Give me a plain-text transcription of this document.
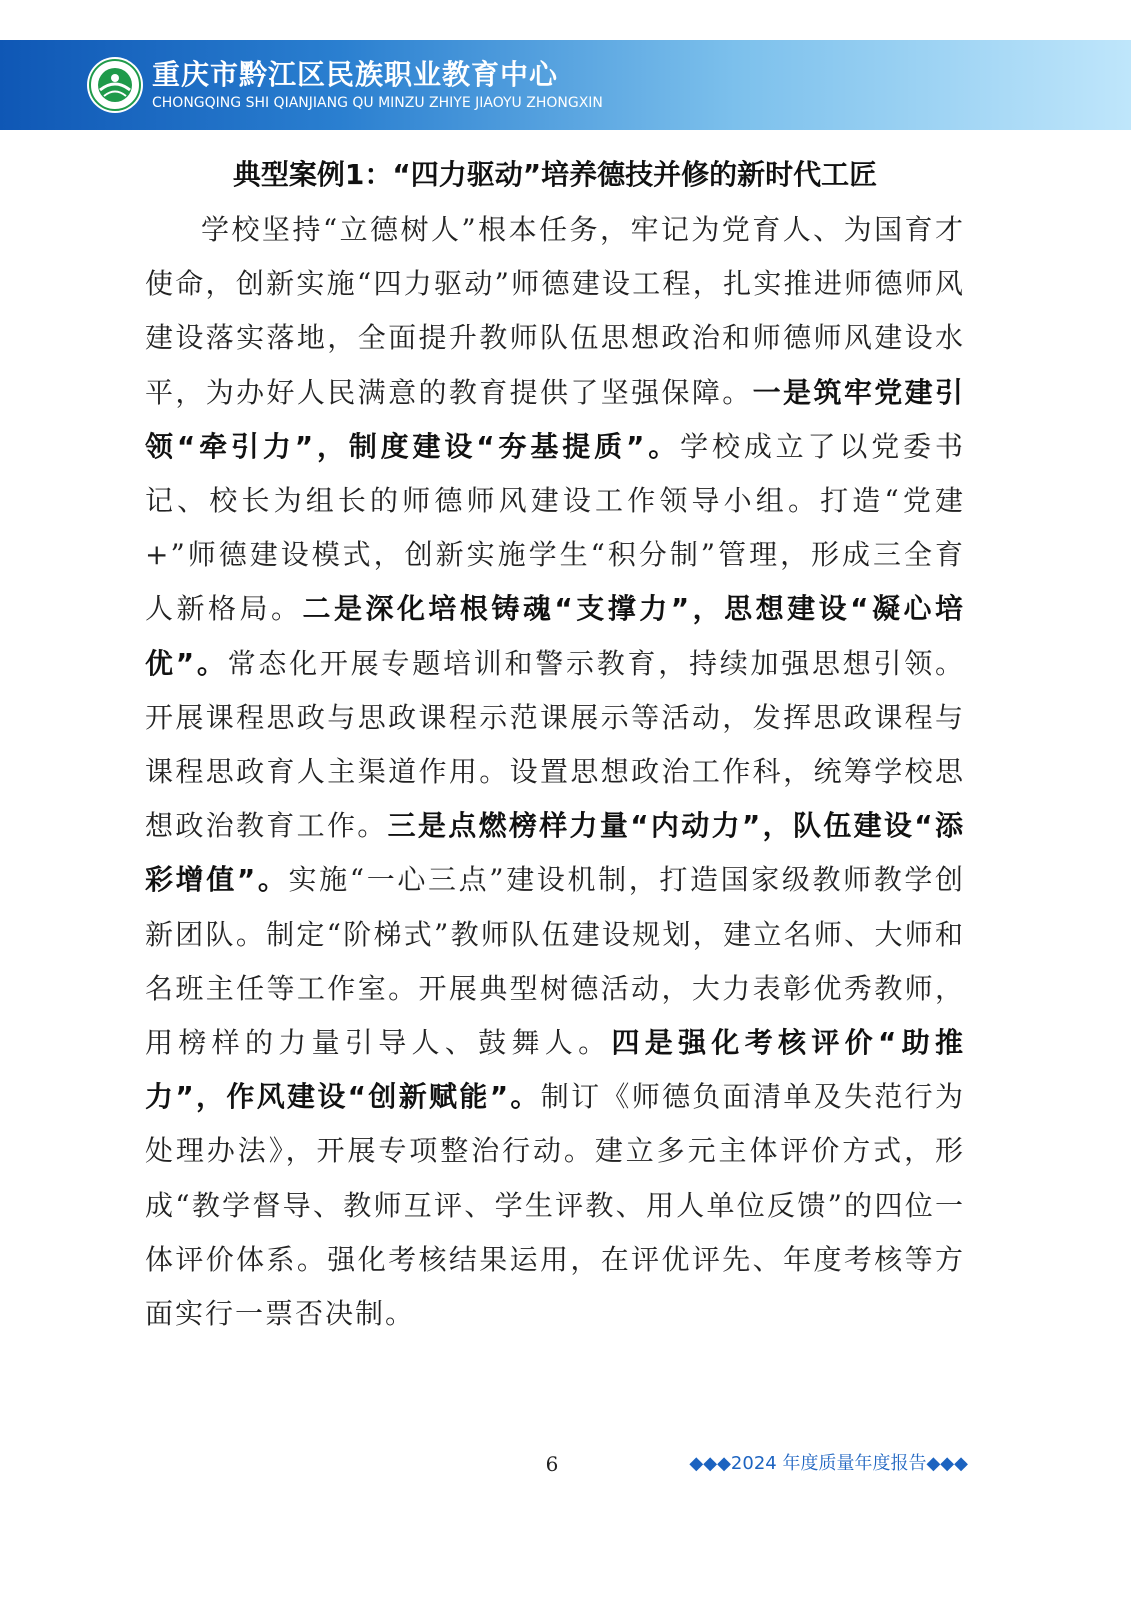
重庆市黔江区民族职业教育中心
CHONGQING SHI QIANJIANG QU MINZU ZHIYE JIAOYU ZHONGXIN
典型案例1：“四力驱动”培养德技并修的新时代工匠

学校坚持“立德树人”根本任务，牢记为党育人、为国育才使命，创新实施“四力驱动”师德建设工程，扎实推进师德师风建设落实落地，全面提升教师队伍思想政治和师德师风建设水平，为办好人民满意的教育提供了坚强保障。一是筑牢党建引领“牵引力”，制度建设“夯基提质”。学校成立了以党委书记、校长为组长的师德师风建设工作领导小组。打造“党建+”师德建设模式，创新实施学生“积分制”管理，形成三全育人新格局。二是深化培根铸魂“支撑力”，思想建设“凝心培优”。常态化开展专题培训和警示教育，持续加强思想引领。开展课程思政与思政课程示范课展示等活动，发挥思政课程与课程思政育人主渠道作用。设置思想政治工作科，统筹学校思想政治教育工作。三是点燃榜样力量“内动力”，队伍建设“添彩增值”。实施“一心三点”建设机制，打造国家级教师教学创新团队。制定“阶梯式”教师队伍建设规划，建立名师、大师和名班主任等工作室。开展典型树德活动，大力表彰优秀教师，用榜样的力量引导人、鼓舞人。四是强化考核评价“助推力”，作风建设“创新赋能”。制订《师德负面清单及失范行为处理办法》，开展专项整治行动。建立多元主体评价方式，形成“教学督导、教师互评、学生评教、用人单位反馈”的四位一体评价体系。强化考核结果运用，在评优评先、年度考核等方面实行一票否决制。

6	◆◆◆2024 年度质量年度报告◆◆◆
